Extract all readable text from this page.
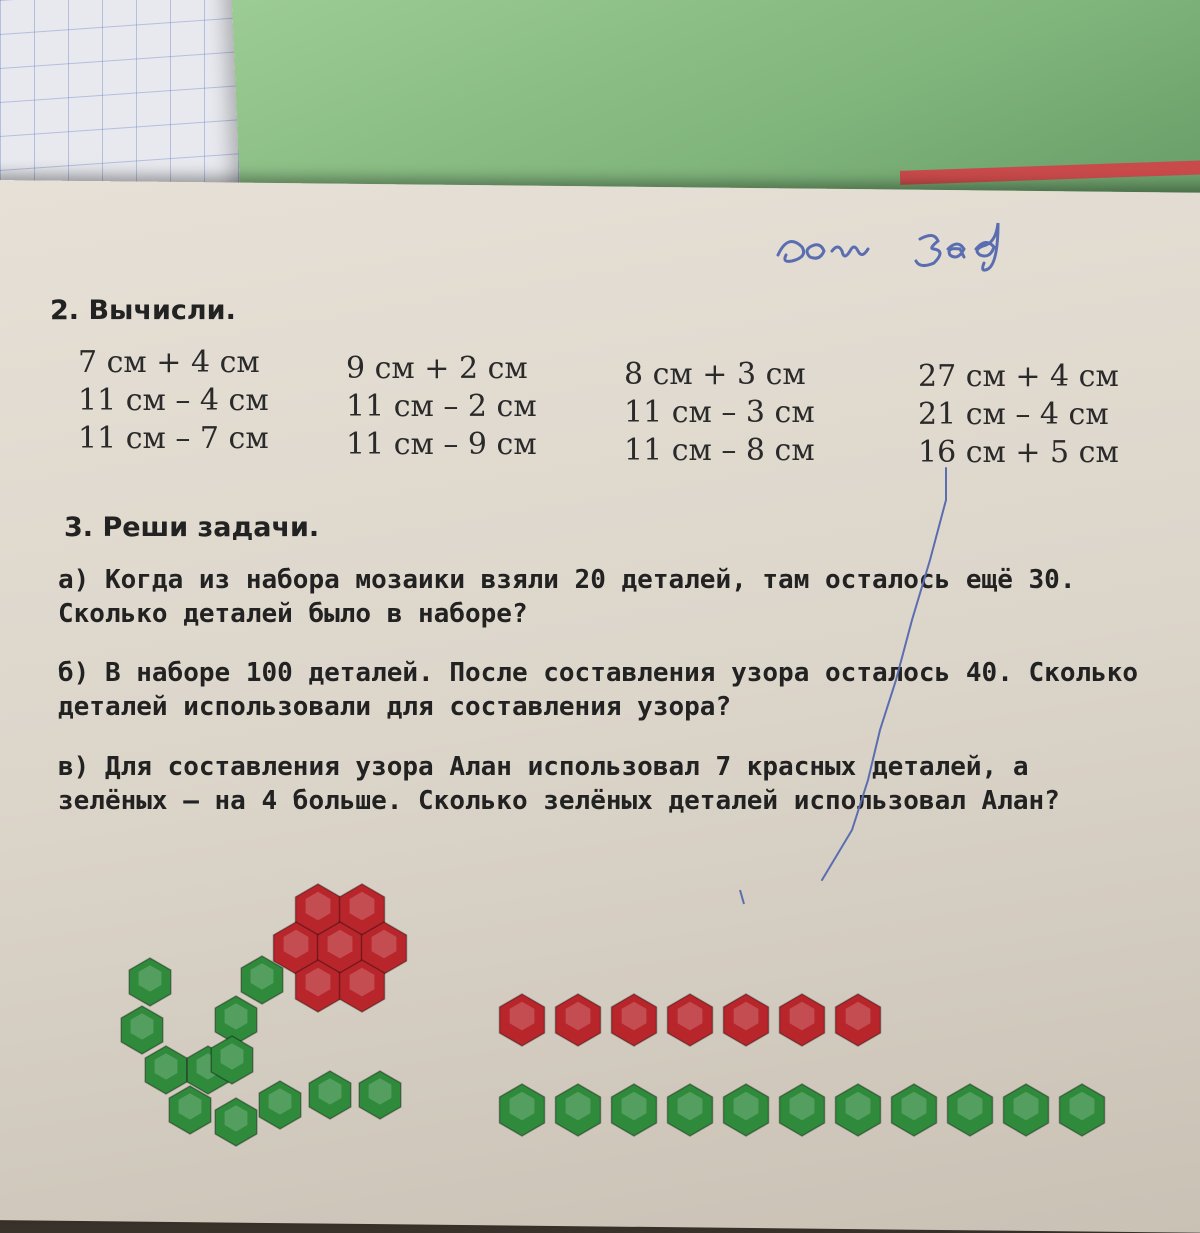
2. Вычисли.
7 см + 4 см
11 см – 4 см
11 см – 7 см
9 см + 2 см
11 см – 2 см
11 см – 9 см
8 см + 3 см
11 см – 3 см
11 см – 8 см
27 см + 4 см
21 см – 4 см
16 см + 5 см
3. Реши задачи.

а) Когда из набора мозаики взяли 20 деталей, там осталось ещё 30. Сколько деталей было в наборе?

б) В наборе 100 деталей. После составления узора осталось 40. Сколько деталей использовали для составления узора?

в) Для составления узора Алан использовал 7 красных деталей, а зелёных – на 4 больше. Сколько зелёных деталей использовал Алан?
